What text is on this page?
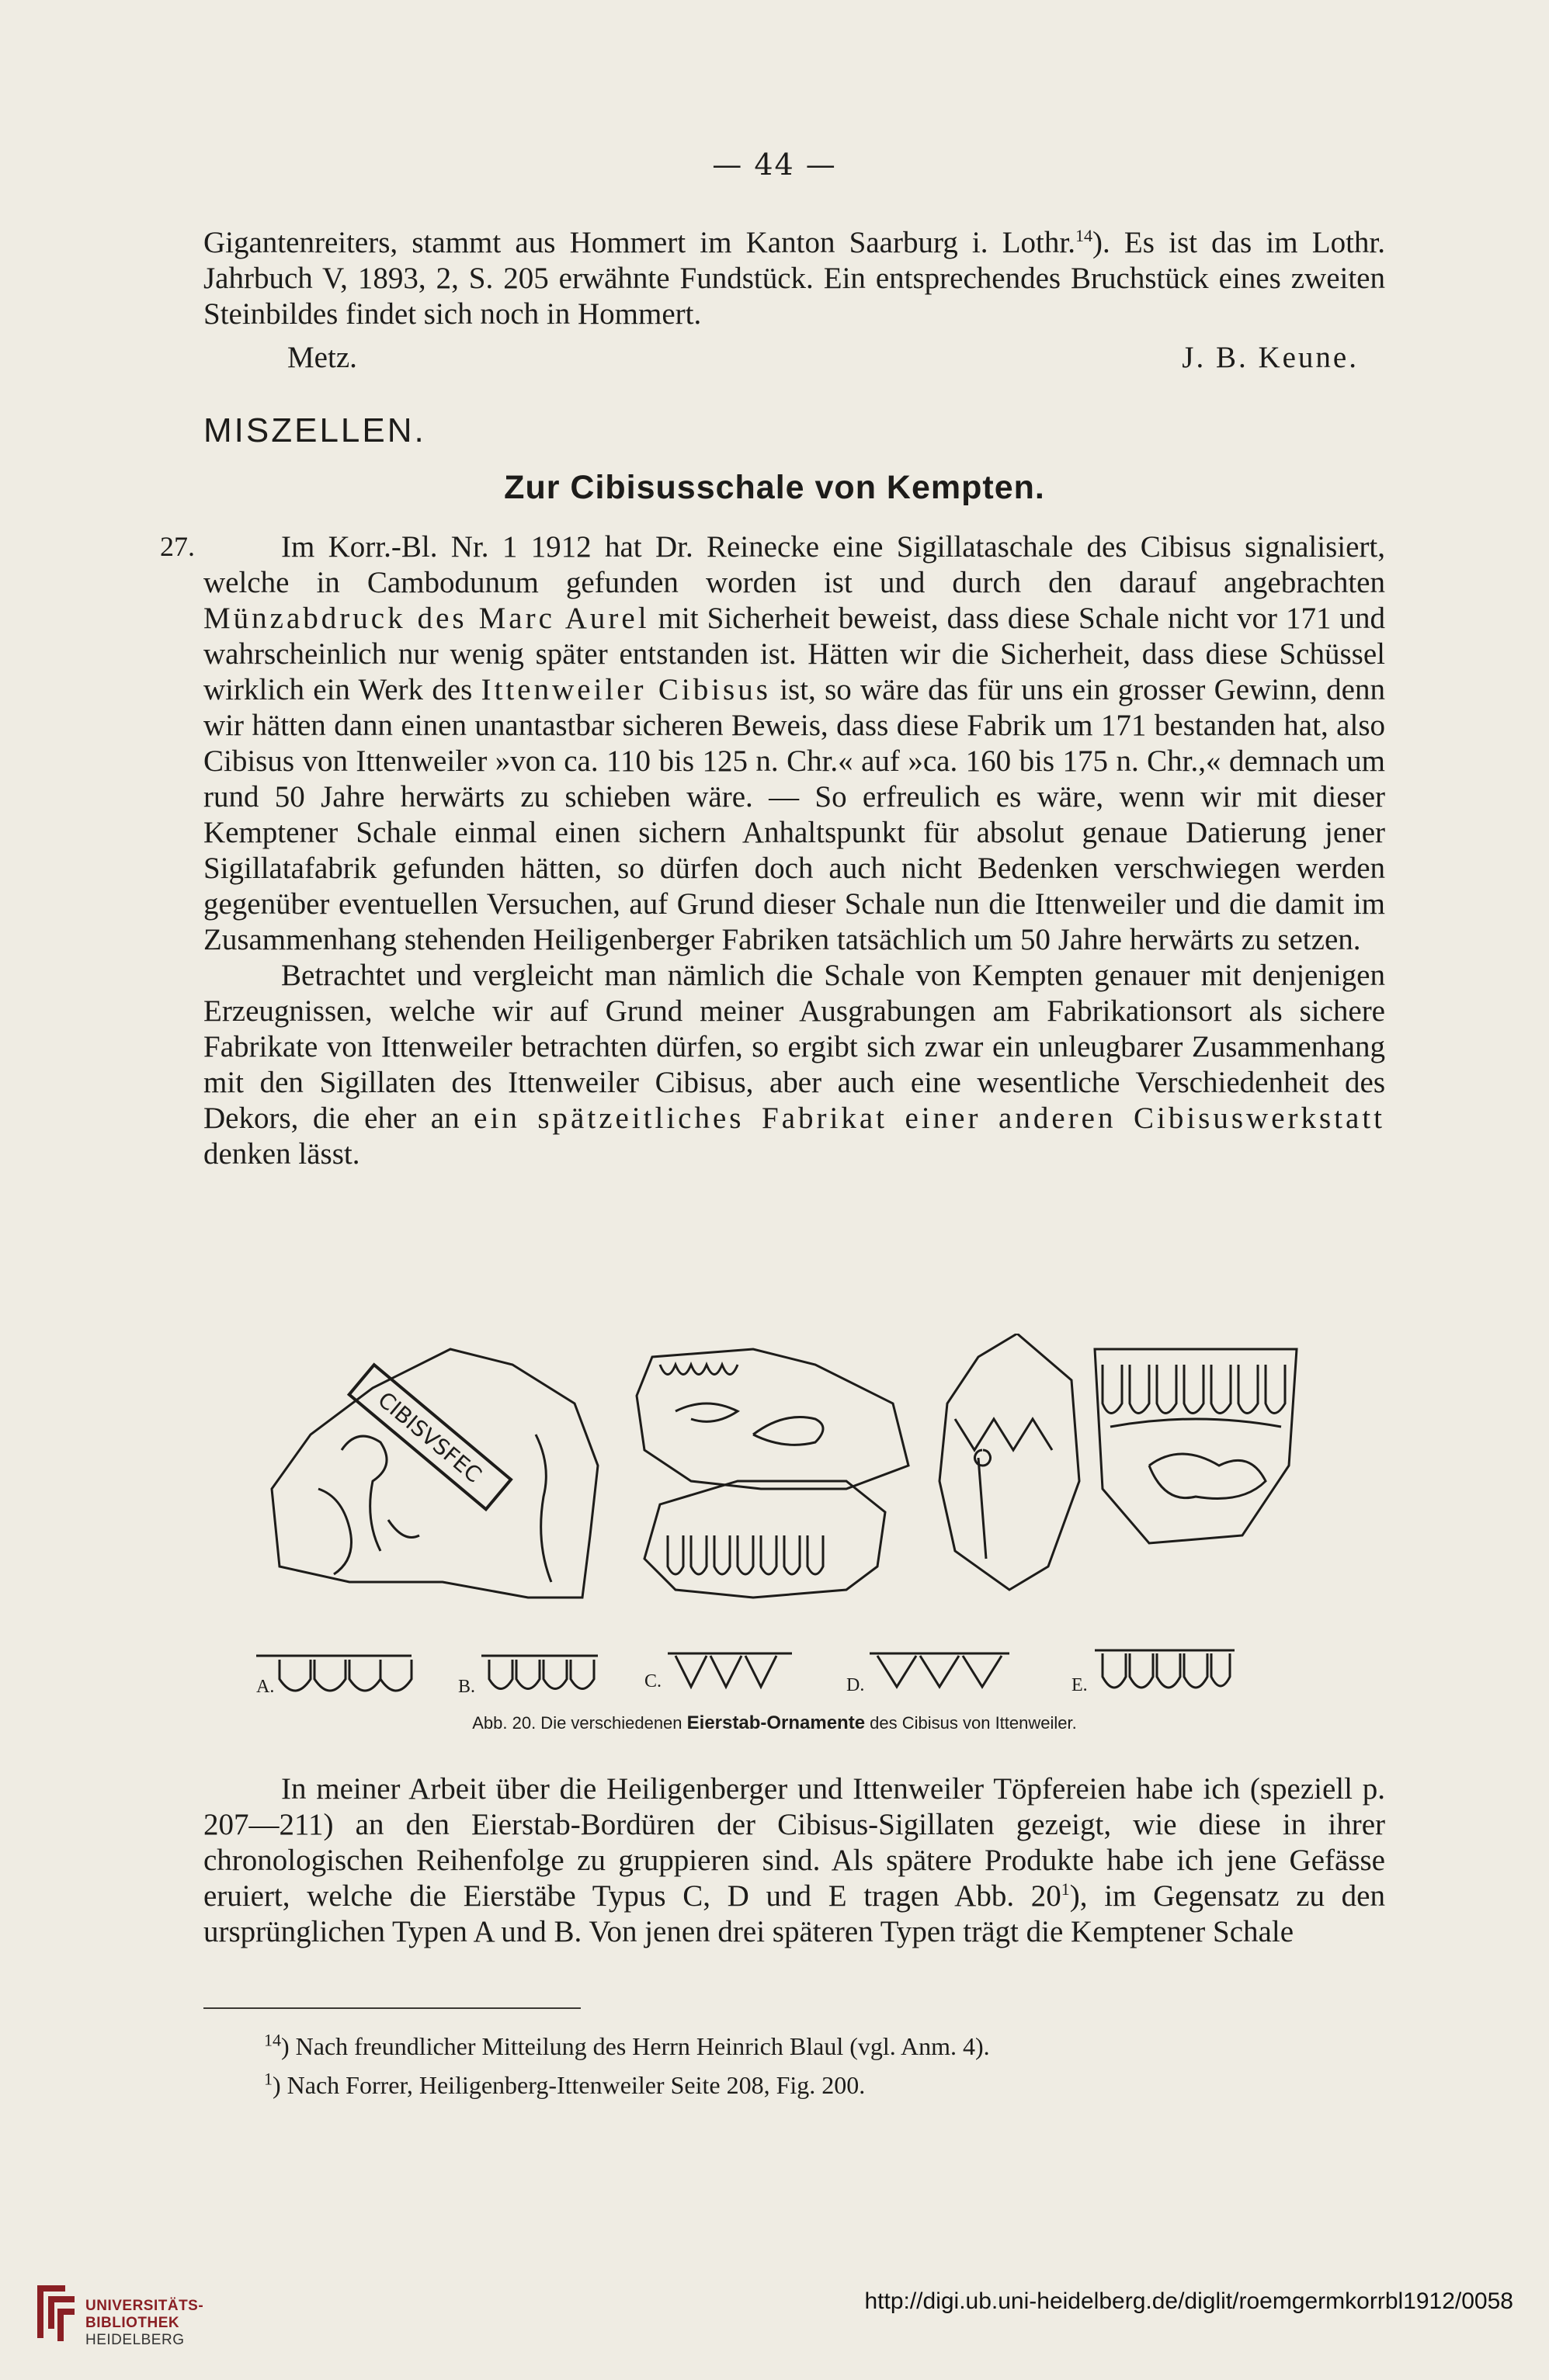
— 44 —

Gigantenreiters, stammt aus Hommert im Kanton Saarburg i. Lothr.$^{14}$). Es ist das im Lothr. Jahrbuch V, 1893, 2, S. 205 erwähnte Fundstück. Ein entsprechendes Bruchstück eines zweiten Steinbildes findet sich noch in Hommert.

Metz.	J. B. Keune.
MISZELLEN.
Zur Cibisusschale von Kempten.
27.	Im Korr.-Bl. Nr. 1 1912 hat Dr. Reinecke eine Sigillataschale des Cibisus signalisiert, welche in Cambodunum gefunden worden ist und durch den darauf angebrachten Münzabdruck des Marc Aurel mit Sicherheit beweist, dass diese Schale nicht vor 171 und wahrscheinlich nur wenig später entstanden ist. Hätten wir die Sicherheit, dass diese Schüssel wirklich ein Werk des Ittenweiler Cibisus ist, so wäre das für uns ein grosser Gewinn, denn wir hätten dann einen unantastbar sicheren Beweis, dass diese Fabrik um 171 bestanden hat, also Cibisus von Ittenweiler »von ca. 110 bis 125 n. Chr.« auf »ca. 160 bis 175 n. Chr.,« demnach um rund 50 Jahre herwärts zu schieben wäre. — So erfreulich es wäre, wenn wir mit dieser Kemptener Schale einmal einen sichern Anhaltspunkt für absolut genaue Datierung jener Sigillatafabrik gefunden hätten, so dürfen doch auch nicht Bedenken verschwiegen werden gegenüber eventuellen Versuchen, auf Grund dieser Schale nun die Ittenweiler und die damit im Zusammenhang stehenden Heiligenberger Fabriken tatsächlich um 50 Jahre herwärts zu setzen.

Betrachtet und vergleicht man nämlich die Schale von Kempten genauer mit denjenigen Erzeugnissen, welche wir auf Grund meiner Ausgrabungen am Fabrikationsort als sichere Fabrikate von Ittenweiler betrachten dürfen, so ergibt sich zwar ein unleugbarer Zusammenhang mit den Sigillaten des Ittenweiler Cibisus, aber auch eine wesentliche Verschiedenheit des Dekors, die eher an ein spätzeitliches Fabrikat einer anderen Cibisuswerkstatt denken lässt.

CIBISVSFEC
A.	B.	C.	D.	E.
Abb. 20. Die verschiedenen Eierstab-Ornamente des Cibisus von Ittenweiler.

In meiner Arbeit über die Heiligenberger und Ittenweiler Töpfereien habe ich (speziell p. 207—211) an den Eierstab-Bordüren der Cibisus-Sigillaten gezeigt, wie diese in ihrer chronologischen Reihenfolge zu gruppieren sind. Als spätere Produkte habe ich jene Gefässe eruiert, welche die Eierstäbe Typus C, D und E tragen Abb. $20^1$), im Gegensatz zu den ursprünglichen Typen A und B. Von jenen drei späteren Typen trägt die Kemptener Schale

$^{14}$) Nach freundlicher Mitteilung des Herrn Heinrich Blaul (vgl. Anm. 4).
$^1$) Nach Forrer, Heiligenberg-Ittenweiler Seite 208, Fig. 200.
UNIVERSITÄTS-
BIBLIOTHEK
HEIDELBERG
http://digi.ub.uni-heidelberg.de/diglit/roemgermkorrbl1912/0058
